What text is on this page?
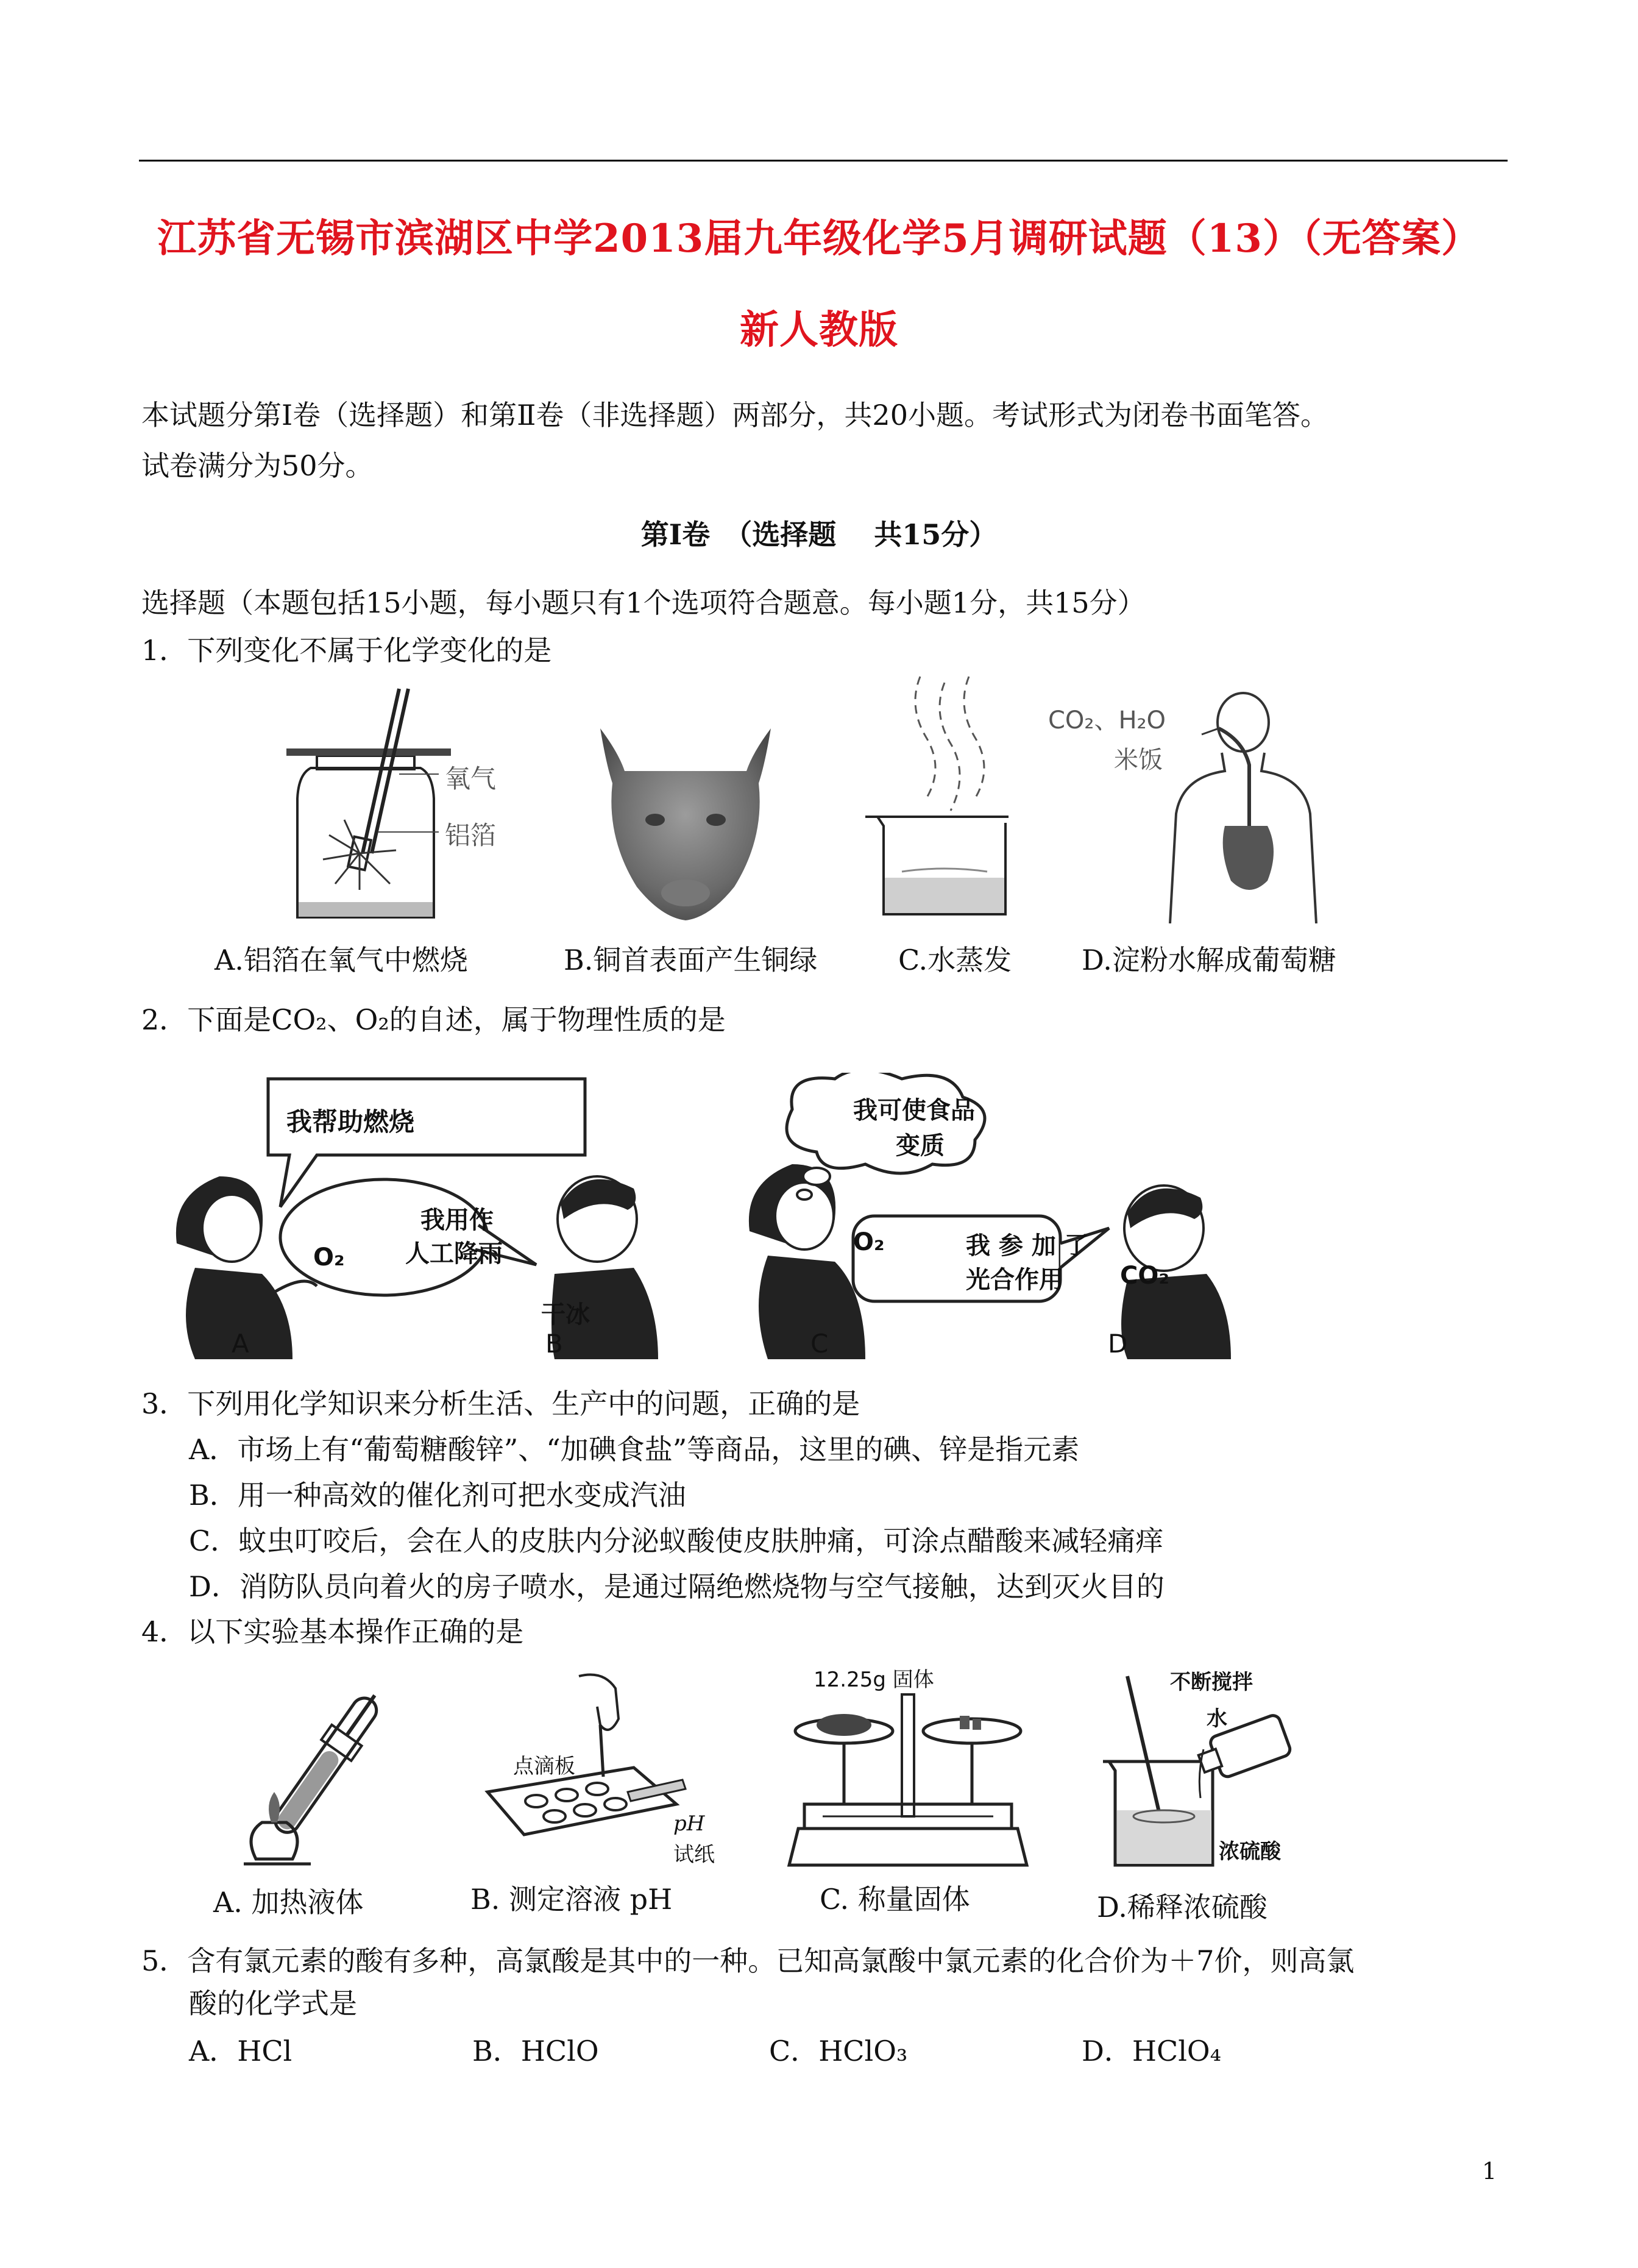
江苏省无锡市滨湖区中学2013届九年级化学5月调研试题（13）（无答案）
新人教版
本试题分第Ⅰ卷（选择题）和第Ⅱ卷（非选择题）两部分，共20小题。考试形式为闭卷书面笔答。
试卷满分为50分。
第Ⅰ卷　（选择题　 共15分）
选择题（本题包括15小题，每小题只有1个选项符合题意。每小题1分，共15分）
1．下列变化不属于化学变化的是
氧气
铝箔
CO₂、H₂O
米饭
A.铝箔在氧气中燃烧	B.铜首表面产生铜绿	C.水蒸发 D.淀粉水解成葡萄糖
2．下面是CO₂、O₂的自述，属于物理性质的是
我帮助燃烧
我用作
人工降雨
我可使食品
变质
我 参 加 了
光合作用
O₂
干冰
O₂
CO₂
A	B	C	D
3．下列用化学知识来分析生活、生产中的问题，正确的是
A．市场上有“葡萄糖酸锌”、“加碘食盐”等商品，这里的碘、锌是指元素
B．用一种高效的催化剂可把水变成汽油
C．蚊虫叮咬后，会在人的皮肤内分泌蚁酸使皮肤肿痛，可涂点醋酸来减轻痛痒
D．消防队员向着火的房子喷水，是通过隔绝燃烧物与空气接触，达到灭火目的
4．以下实验基本操作正确的是
点滴板
pH
试纸
12.25g 固体	不断搅拌
水
浓硫酸
A. 加热液体	B. 测定溶液 pH	C. 称量固体	D.稀释浓硫酸
5．含有氯元素的酸有多种，高氯酸是其中的一种。已知高氯酸中氯元素的化合价为＋7价，则高氯
酸的化学式是
A．HCl	B．HClO	C．HClO₃	D．HClO₄
1
